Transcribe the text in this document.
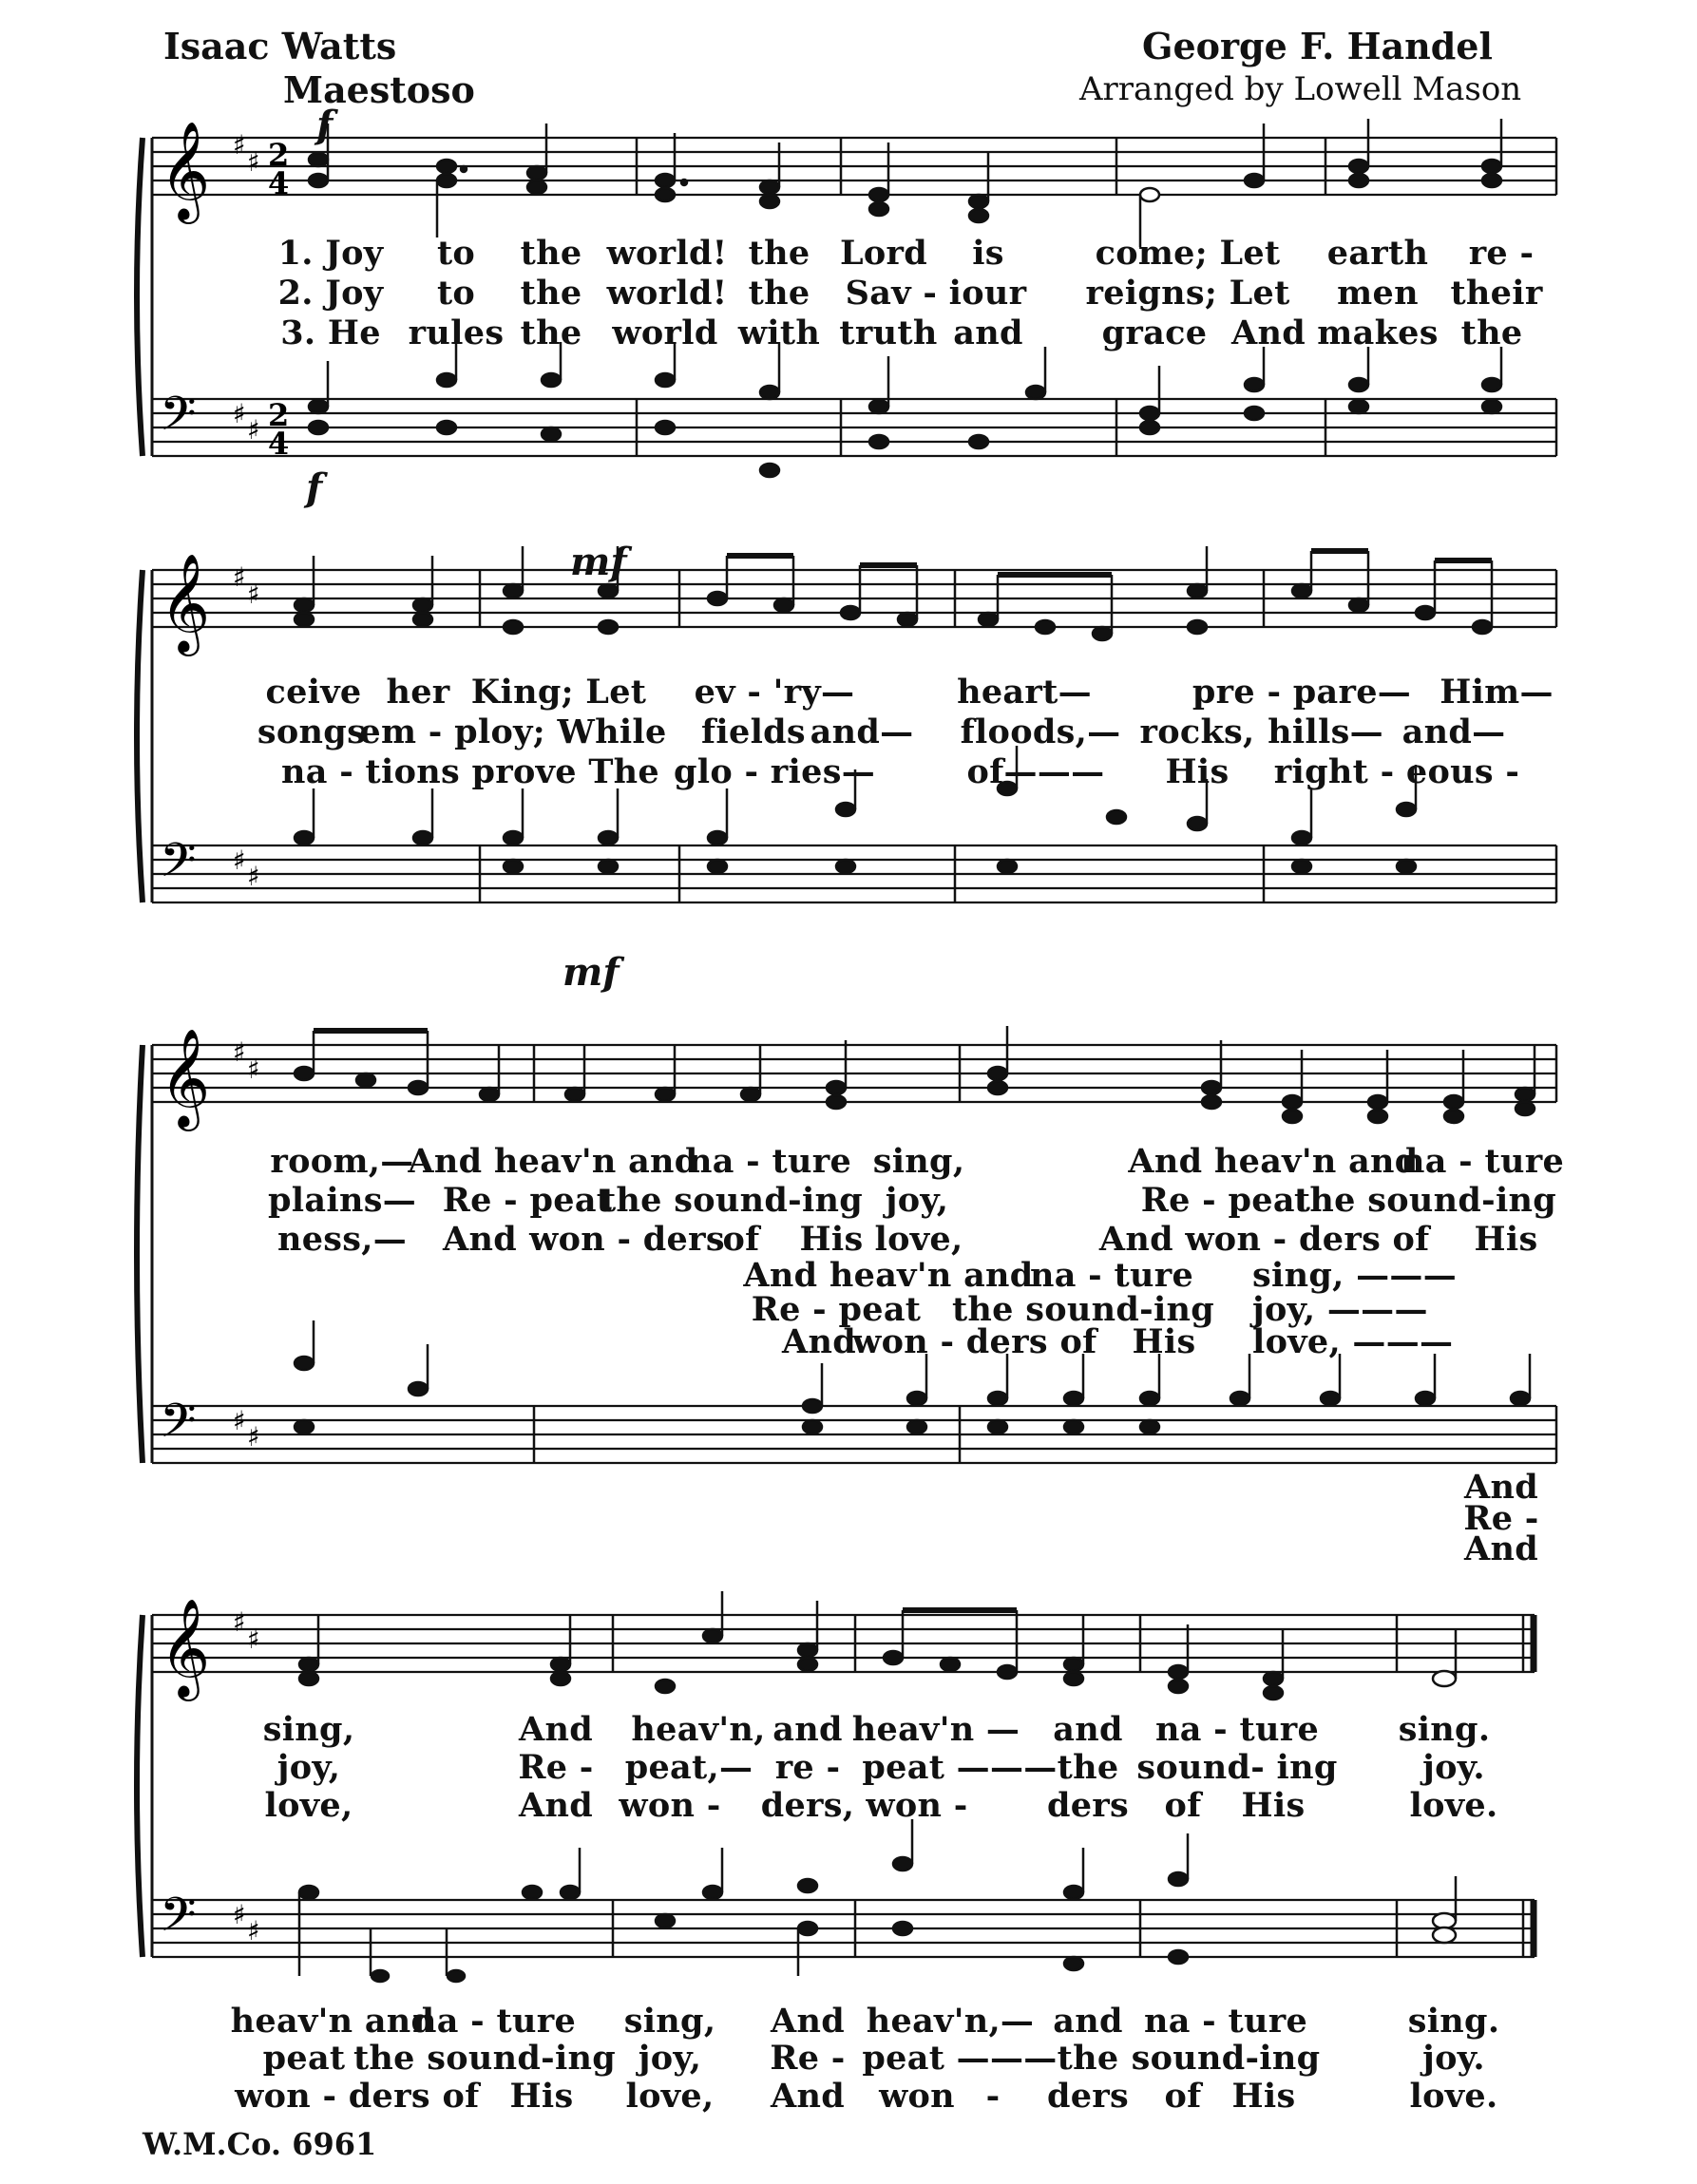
Isaac Watts
Maestoso
George F. Handel
Arranged by Lowell Mason
𝄞
𝄢
♯
♯
♯
♯
2
4
2
4
f
f
1. Joy to the world! the Lord is	come; Let earth re -
2. Joy to the world! the Sav - iour reigns; Let men their
3. He rules the world with truth and grace And makes the
𝄞
𝄢
♯
♯
♯
♯
mf
mf
ceive her King; Let ev - 'ry—	heart—	pre - pare— Him—
songs
em - ploy; While fields and— floods,— rocks, hills— and—
na - tions prove The glo - ries—	of——— His right - eous -
𝄞
𝄢
♯
♯
♯
♯
room,—
And heav'n and
na - ture sing,	And heav'n and
na - ture
plains— Re - peat
the sound-ing joy,	Re - peat
the sound-ing
ness,— And won - ders
of His love,	And won - ders of His
And heav'n and
na - ture sing, ———
Re - peat the sound-ing joy, ———
And
won - ders of His love, ———
And
Re -
And
𝄞
𝄢
♯
♯
♯
♯
sing,	And heav'n, and heav'n — and na - ture sing.
joy,	Re - peat,— re - peat ——— the sound- ing	joy.
love,	And won - ders, won - ders of His	love.
heav'n and
na - ture sing, And heav'n,— and na - ture	sing.
peat the sound-ing joy, Re - peat ——— the sound-ing	joy.
won - ders of His love, And won - ders of His	love.
W.M.Co. 6961
